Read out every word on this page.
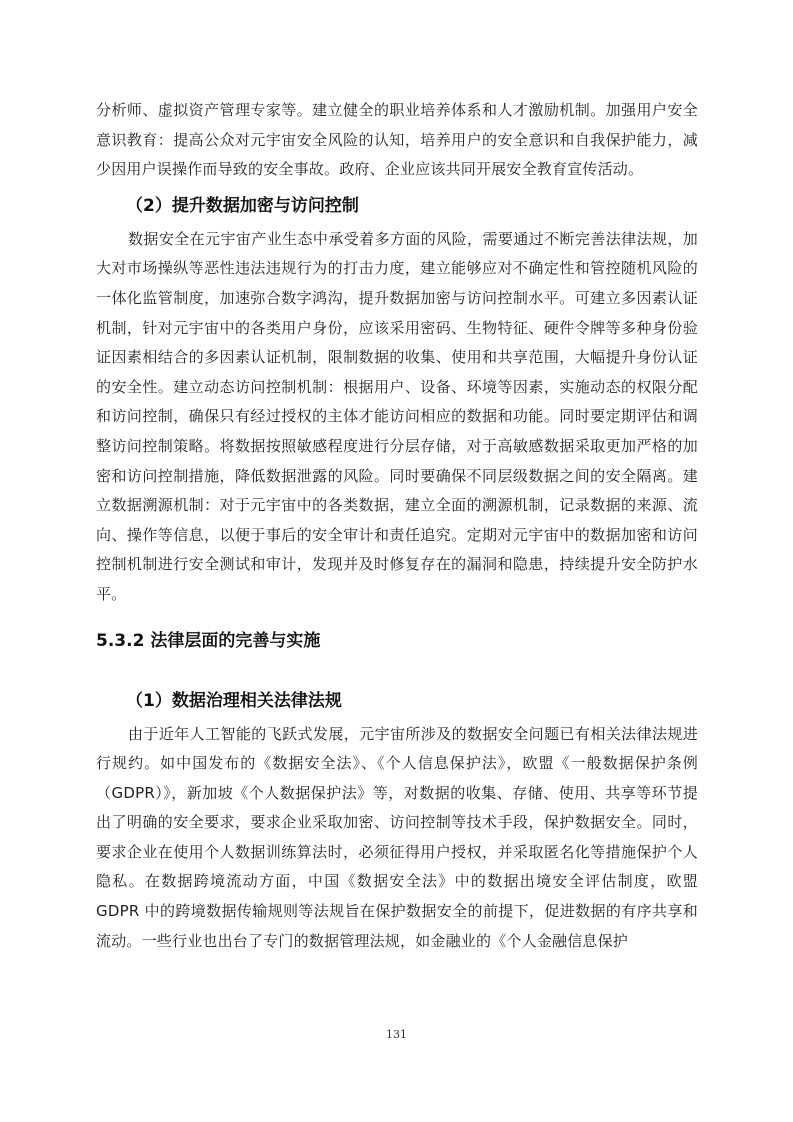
分析师、虚拟资产管理专家等。建立健全的职业培养体系和人才激励机制。加强用户安全意识教育：提高公众对元宇宙安全风险的认知，培养用户的安全意识和自我保护能力，减少因用户误操作而导致的安全事故。政府、企业应该共同开展安全教育宣传活动。

（2）提升数据加密与访问控制

数据安全在元宇宙产业生态中承受着多方面的风险，需要通过不断完善法律法规，加大对市场操纵等恶性违法违规行为的打击力度，建立能够应对不确定性和管控随机风险的一体化监管制度，加速弥合数字鸿沟，提升数据加密与访问控制水平。可建立多因素认证机制，针对元宇宙中的各类用户身份，应该采用密码、生物特征、硬件令牌等多种身份验证因素相结合的多因素认证机制，限制数据的收集、使用和共享范围，大幅提升身份认证的安全性。建立动态访问控制机制：根据用户、设备、环境等因素，实施动态的权限分配和访问控制，确保只有经过授权的主体才能访问相应的数据和功能。同时要定期评估和调整访问控制策略。将数据按照敏感程度进行分层存储，对于高敏感数据采取更加严格的加密和访问控制措施，降低数据泄露的风险。同时要确保不同层级数据之间的安全隔离。建立数据溯源机制：对于元宇宙中的各类数据，建立全面的溯源机制，记录数据的来源、流向、操作等信息，以便于事后的安全审计和责任追究。定期对元宇宙中的数据加密和访问控制机制进行安全测试和审计，发现并及时修复存在的漏洞和隐患，持续提升安全防护水平。

5.3.2 法律层面的完善与实施
（1）数据治理相关法律法规

由于近年人工智能的飞跃式发展，元宇宙所涉及的数据安全问题已有相关法律法规进行规约。如中国发布的《数据安全法》、《个人信息保护法》，欧盟《一般数据保护条例（GDPR）》，新加坡《个人数据保护法》等，对数据的收集、存储、使用、共享等环节提出了明确的安全要求，要求企业采取加密、访问控制等技术手段，保护数据安全。同时，要求企业在使用个人数据训练算法时，必须征得用户授权，并采取匿名化等措施保护个人隐私。在数据跨境流动方面，中国《数据安全法》中的数据出境安全评估制度，欧盟 GDPR 中的跨境数据传输规则等法规旨在保护数据安全的前提下，促进数据的有序共享和流动。一些行业也出台了专门的数据管理法规，如金融业的《个人金融信息保护

131
